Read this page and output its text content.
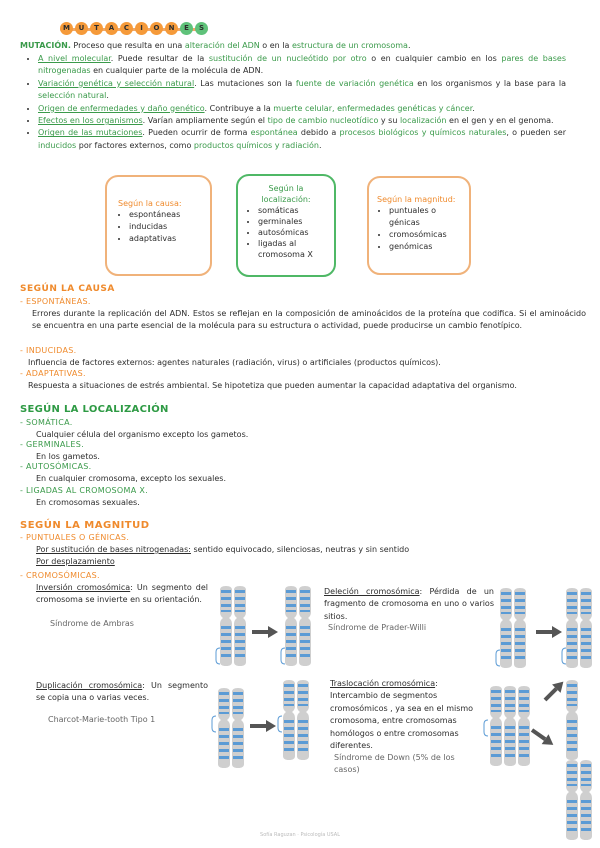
M	U	T	A	C	I	O	N	E	S
MUTACIÓN. Proceso que resulta en una alteración del ADN o en la estructura de un cromosoma.
• A nivel molecular. Puede resultar de la sustitución de un nucleótido por otro o en cualquier cambio en los pares de bases nitrogenadas en cualquier parte de la molécula de ADN.
• Variación genética y selección natural. Las mutaciones son la fuente de variación genética en los organismos y la base para la selección natural.
• Origen de enfermedades y daño genético. Contribuye a la muerte celular, enfermedades genéticas y cáncer.
• Efectos en los organismos. Varían ampliamente según el tipo de cambio nucleotídico y su localización en el gen y en el genoma.
• Origen de las mutaciones. Pueden ocurrir de forma espontánea debido a procesos biológicos y químicos naturales, o pueden ser inducidos por factores externos, como productos químicos y radiación.
Según la causa:
• espontáneas
• inducidas
• adaptativas
Según la localización:
• somáticas
• germinales
• autosómicas
• ligadas al cromosoma X
Según la magnitud:
• puntuales o génicas
• cromosómicas
• genómicas
SEGÚN LA CAUSA
- ESPONTÁNEAS.
Errores durante la replicación del ADN. Estos se reflejan en la composición de aminoácidos de la proteína que codifica. Si el aminoácido se encuentra en una parte esencial de la molécula para su estructura o actividad, puede producirse un cambio fenotípico.
- INDUCIDAS.
Influencia de factores externos: agentes naturales (radiación, virus) o artificiales (productos químicos).
- ADAPTATIVAS.
Respuesta a situaciones de estrés ambiental. Se hipotetiza que pueden aumentar la capacidad adaptativa del organismo.
SEGÚN LA LOCALIZACIÓN
- SOMÁTICA.
Cualquier célula del organismo excepto los gametos.
- GERMINALES.
En los gametos.
- AUTOSÓMICAS.
En cualquier cromosoma, excepto los sexuales.
- LIGADAS AL CROMOSOMA X.
En cromosomas sexuales.
SEGÚN LA MAGNITUD
- PUNTUALES O GÉNICAS.
Por sustitución de bases nitrogenadas: sentido equivocado, silenciosas, neutras y sin sentido
Por desplazamiento
- CROMOSÓMICAS.
Inversión cromosómica: Un segmento del cromosoma se invierte en su orientación.
Síndrome de Ambras
Deleción cromosómica: Pérdida de un fragmento de cromosoma en uno o varios sitios.
Síndrome de Prader-Willi
Duplicación cromosómica: Un segmento se copia una o varias veces.
Charcot-Marie-tooth Tipo 1
Traslocación cromosómica: Intercambio de segmentos cromosómicos , ya sea en el mismo cromosoma, entre cromosomas homólogos o entre cromosomas diferentes.
Síndrome de Down (5% de los casos)
Sofía Raguzan · Psicología USAL
